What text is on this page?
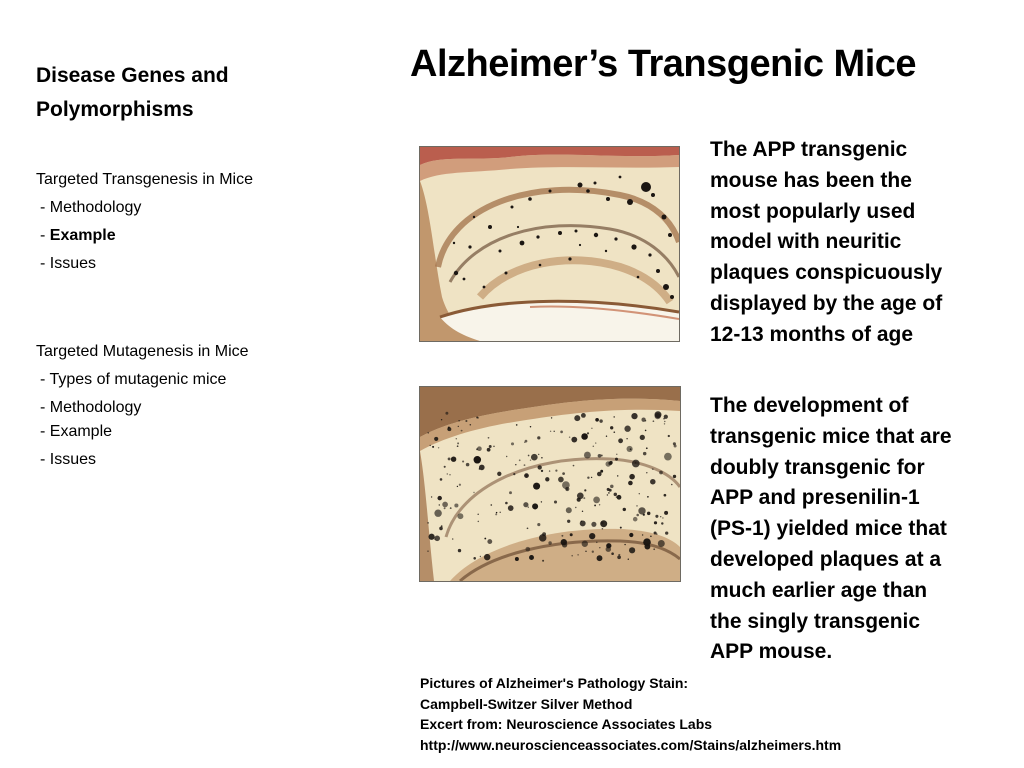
Disease Genes and Polymorphisms
Targeted Transgenesis in Mice
- Methodology
- Example
- Issues
Targeted Mutagenesis in Mice
- Types of mutagenic mice
- Methodology
- Example
- Issues
Alzheimer’s Transgenic Mice
The APP transgenic
mouse has been the
most popularly used
model with neuritic
plaques conspicuously
displayed by the age of
12-13 months of age
The development of
transgenic mice that are
doubly transgenic for
APP and presenilin-1
(PS-1) yielded mice that
developed plaques at a
much earlier age than
the singly transgenic
APP mouse.
Pictures of Alzheimer's Pathology Stain:
Campbell-Switzer Silver Method
Excert from: Neuroscience Associates Labs
http://www.neuroscienceassociates.com/Stains/alzheimers.htm
